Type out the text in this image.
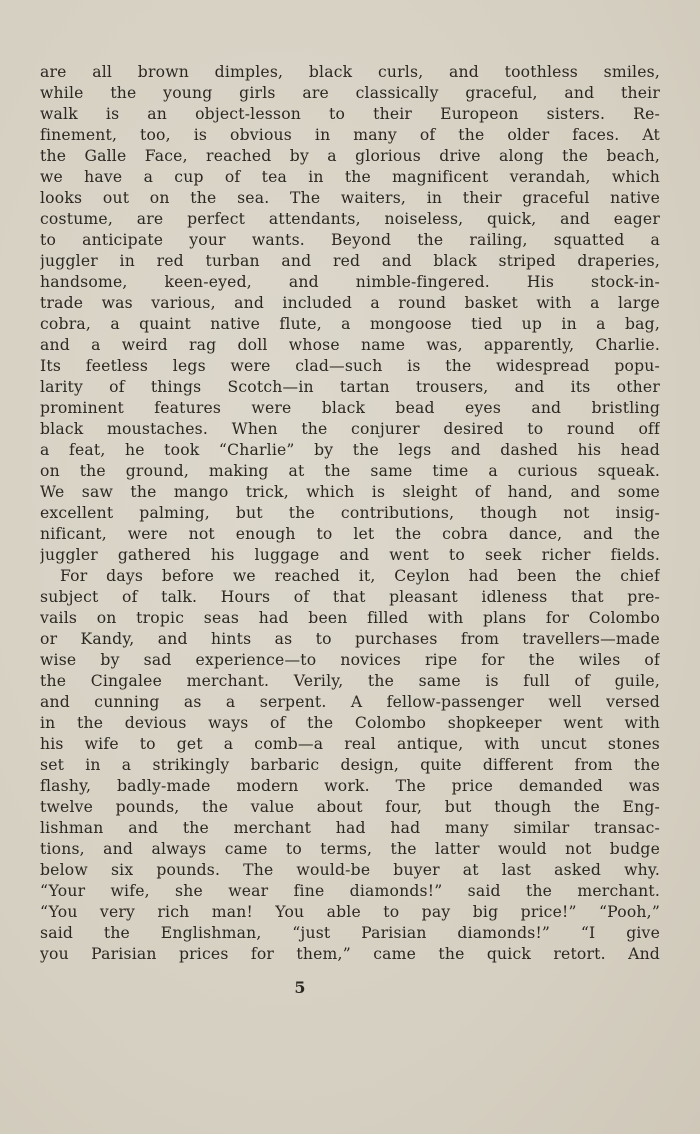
are all brown dimples, black curls, and toothless smiles,
while the young girls are classically graceful, and their
walk is an object-lesson to their Europeon sisters. Re-
finement, too, is obvious in many of the older faces. At
the Galle Face, reached by a glorious drive along the beach,
we have a cup of tea in the magnificent verandah, which
looks out on the sea. The waiters, in their graceful native
costume, are perfect attendants, noiseless, quick, and eager
to anticipate your wants. Beyond the railing, squatted a
juggler in red turban and red and black striped draperies,
handsome, keen-eyed, and nimble-fingered. His stock-in-
trade was various, and included a round basket with a large
cobra, a quaint native flute, a mongoose tied up in a bag,
and a weird rag doll whose name was, apparently, Charlie.
Its feetless legs were clad—such is the widespread popu-
larity of things Scotch—in tartan trousers, and its other
prominent features were black bead eyes and bristling
black moustaches. When the conjurer desired to round off
a feat, he took “Charlie” by the legs and dashed his head
on the ground, making at the same time a curious squeak.
We saw the mango trick, which is sleight of hand, and some
excellent palming, but the contributions, though not insig-
nificant, were not enough to let the cobra dance, and the
juggler gathered his luggage and went to seek richer fields.
For days before we reached it, Ceylon had been the chief
subject of talk. Hours of that pleasant idleness that pre-
vails on tropic seas had been filled with plans for Colombo
or Kandy, and hints as to purchases from travellers—made
wise by sad experience—to novices ripe for the wiles of
the Cingalee merchant. Verily, the same is full of guile,
and cunning as a serpent. A fellow-passenger well versed
in the devious ways of the Colombo shopkeeper went with
his wife to get a comb—a real antique, with uncut stones
set in a strikingly barbaric design, quite different from the
flashy, badly-made modern work. The price demanded was
twelve pounds, the value about four, but though the Eng-
lishman and the merchant had had many similar transac-
tions, and always came to terms, the latter would not budge
below six pounds. The would-be buyer at last asked why.
“Your wife, she wear fine diamonds!” said the merchant.
“You very rich man! You able to pay big price!” “Pooh,”
said the Englishman, “just Parisian diamonds!” “I give
you Parisian prices for them,” came the quick retort. And
5
